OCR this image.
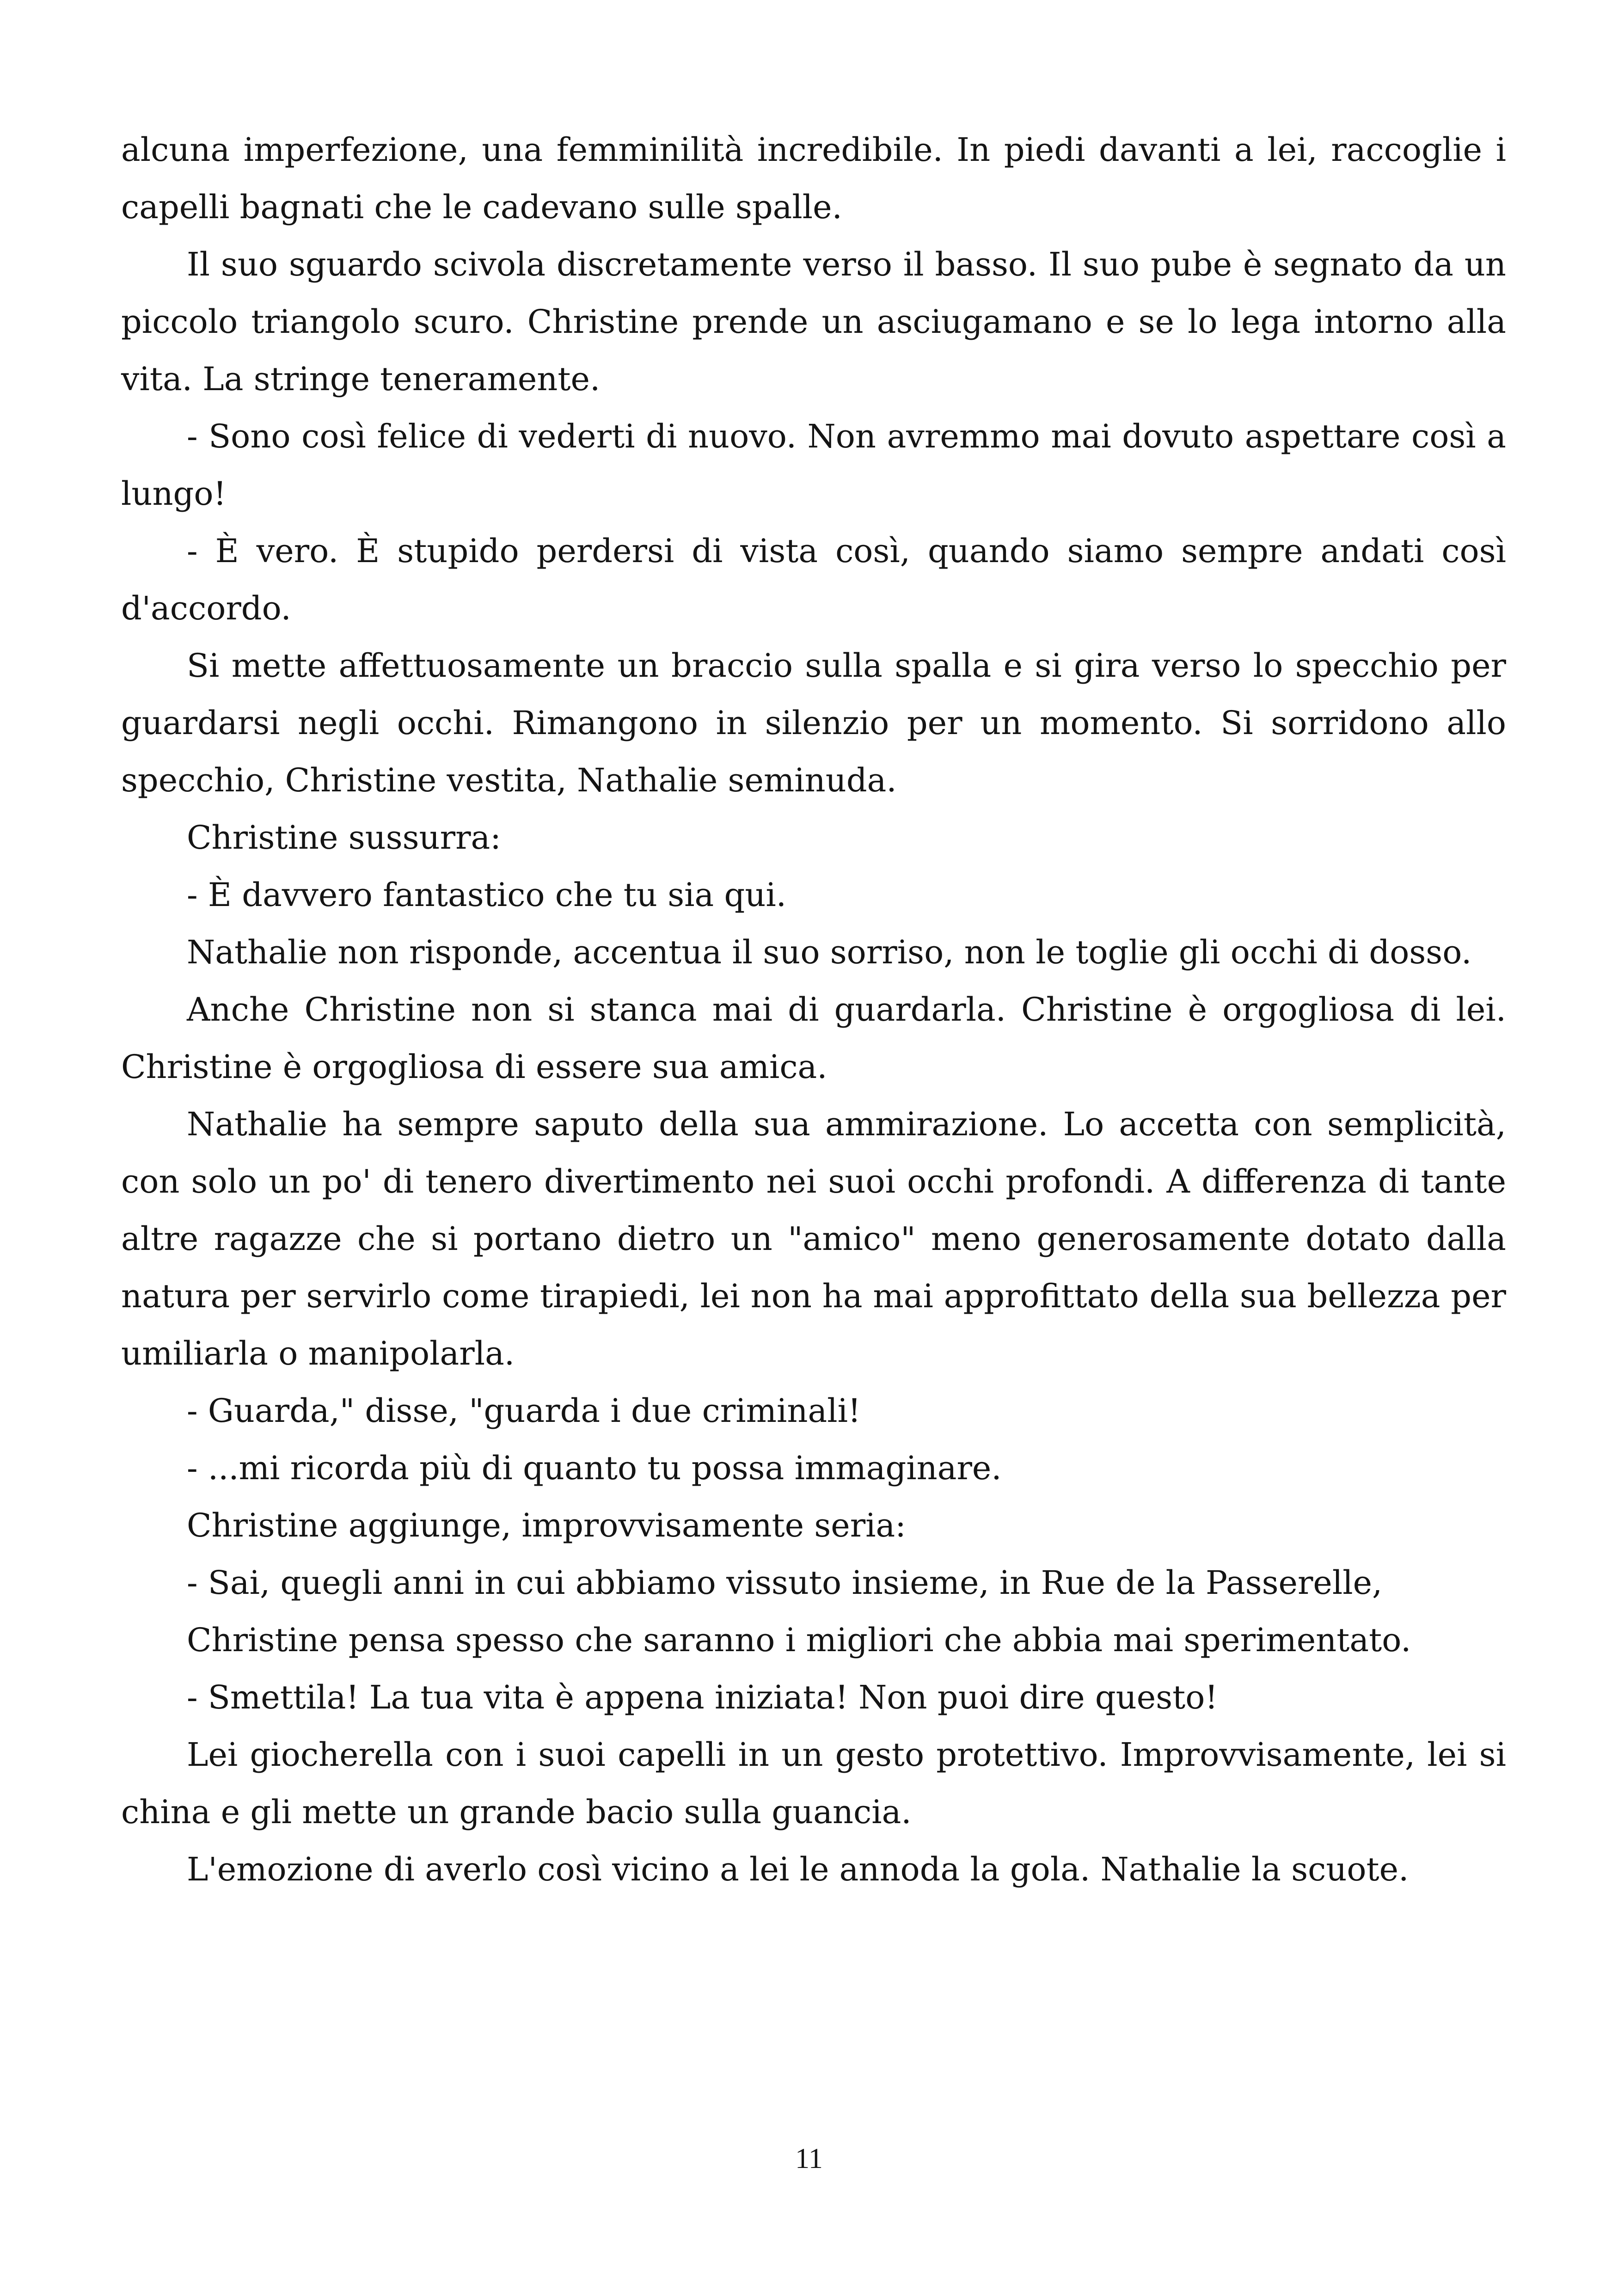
alcuna imperfezione, una femminilità incredibile. In piedi davanti a lei, raccoglie i capelli bagnati che le cadevano sulle spalle.

Il suo sguardo scivola discretamente verso il basso. Il suo pube è segnato da un piccolo triangolo scuro. Christine prende un asciugamano e se lo lega intorno alla vita. La stringe teneramente.

- Sono così felice di vederti di nuovo. Non avremmo mai dovuto aspettare così a lungo!

- È vero. È stupido perdersi di vista così, quando siamo sempre andati così d'accordo.

Si mette affettuosamente un braccio sulla spalla e si gira verso lo specchio per guardarsi negli occhi. Rimangono in silenzio per un momento. Si sorridono allo specchio, Christine vestita, Nathalie seminuda.

Christine sussurra:

- È davvero fantastico che tu sia qui.

Nathalie non risponde, accentua il suo sorriso, non le toglie gli occhi di dosso.

Anche Christine non si stanca mai di guardarla. Christine è orgogliosa di lei. Christine è orgogliosa di essere sua amica.

Nathalie ha sempre saputo della sua ammirazione. Lo accetta con semplicità, con solo un po' di tenero divertimento nei suoi occhi profondi. A differenza di tante altre ragazze che si portano dietro un "amico" meno generosamente dotato dalla natura per servirlo come tirapiedi, lei non ha mai approfittato della sua bellezza per umiliarla o manipolarla.

- Guarda," disse, "guarda i due criminali!

- ...mi ricorda più di quanto tu possa immaginare.

Christine aggiunge, improvvisamente seria:

- Sai, quegli anni in cui abbiamo vissuto insieme, in Rue de la Passerelle,

Christine pensa spesso che saranno i migliori che abbia mai sperimentato.

- Smettila! La tua vita è appena iniziata! Non puoi dire questo!

Lei giocherella con i suoi capelli in un gesto protettivo. Improvvisamente, lei si china e gli mette un grande bacio sulla guancia.

L'emozione di averlo così vicino a lei le annoda la gola. Nathalie la scuote.

11
